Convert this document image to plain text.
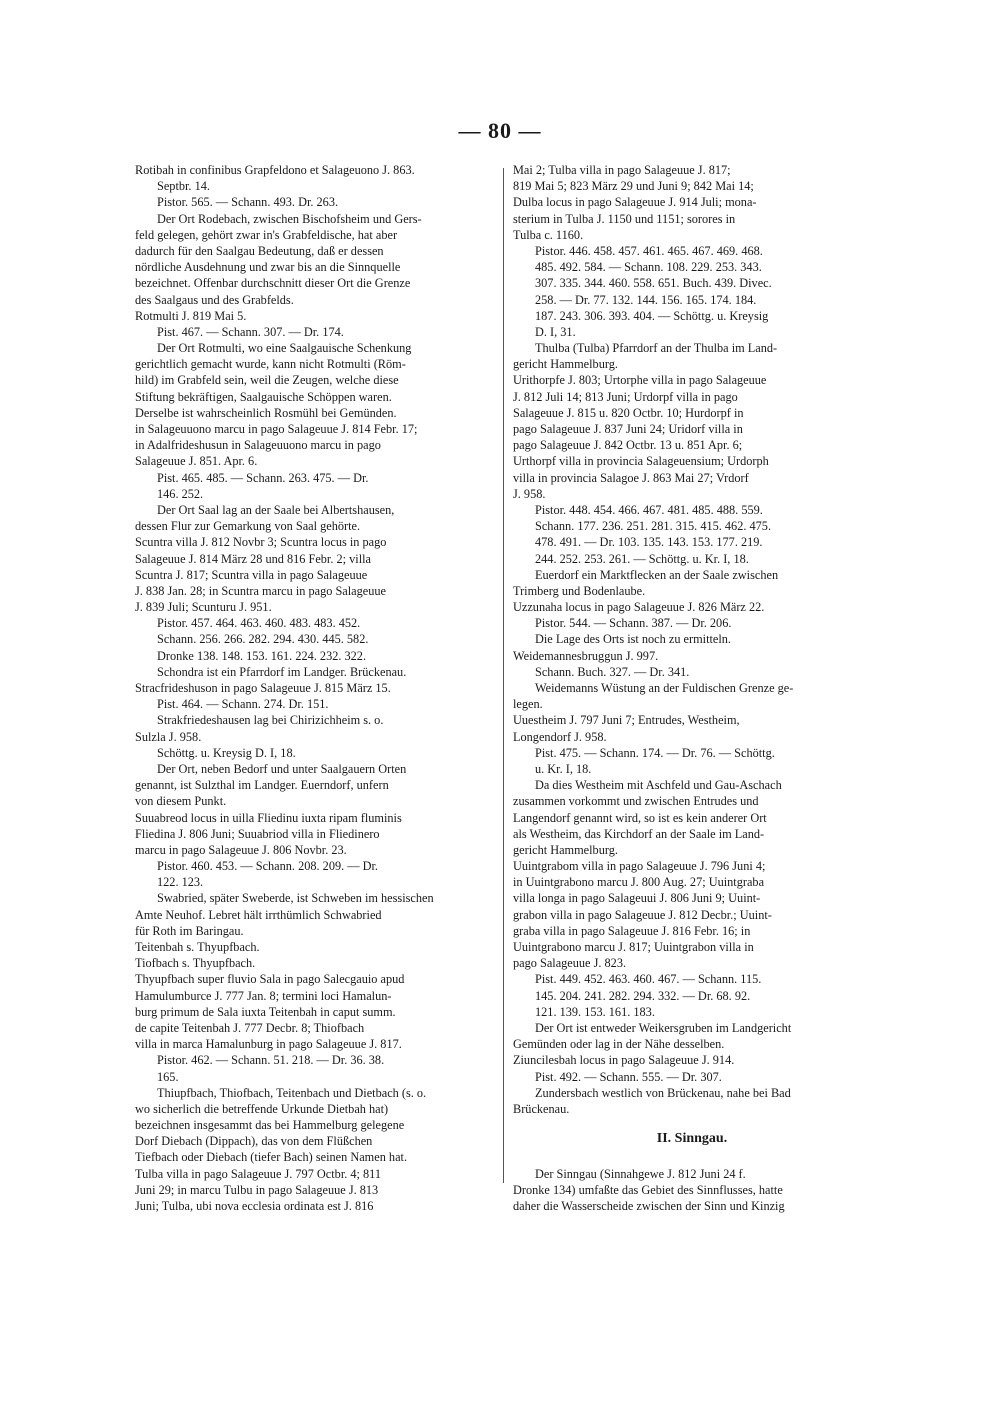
— 80 —
Rotibah in confinibus Grapfeldono et Salageuono J. 863.
Septbr. 14.
Pistor. 565. — Schann. 493. Dr. 263.
Der Ort Rodebach, zwischen Bischofsheim und Gers-
feld gelegen, gehört zwar in's Grabfeldische, hat aber
dadurch für den Saalgau Bedeutung, daß er dessen
nördliche Ausdehnung und zwar bis an die Sinnquelle
bezeichnet. Offenbar durchschnitt dieser Ort die Grenze
des Saalgaus und des Grabfelds.
Rotmulti J. 819 Mai 5.
Pist. 467. — Schann. 307. — Dr. 174.
Der Ort Rotmulti, wo eine Saalgauische Schenkung
gerichtlich gemacht wurde, kann nicht Rotmulti (Röm-
hild) im Grabfeld sein, weil die Zeugen, welche diese
Stiftung bekräftigen, Saalgauische Schöppen waren.
Derselbe ist wahrscheinlich Rosmühl bei Gemünden.
in Salageuuono marcu in pago Salageuue J. 814 Febr. 17;
in Adalfrideshusun in Salageuuono marcu in pago
Salageuue J. 851. Apr. 6.
Pist. 465. 485. — Schann. 263. 475. — Dr.
146. 252.
Der Ort Saal lag an der Saale bei Albertshausen,
dessen Flur zur Gemarkung von Saal gehörte.
Scuntra villa J. 812 Novbr 3; Scuntra locus in pago
Salageuue J. 814 März 28 und 816 Febr. 2; villa
Scuntra J. 817; Scuntra villa in pago Salageuue
J. 838 Jan. 28; in Scuntra marcu in pago Salageuue
J. 839 Juli; Scunturu J. 951.
Pistor. 457. 464. 463. 460. 483. 483. 452.
Schann. 256. 266. 282. 294. 430. 445. 582.
Dronke 138. 148. 153. 161. 224. 232. 322.
Schondra ist ein Pfarrdorf im Landger. Brückenau.
Stracfrideshuson in pago Salageuue J. 815 März 15.
Pist. 464. — Schann. 274. Dr. 151.
Strakfriedeshausen lag bei Chirizichheim s. o.
Sulzla J. 958.
Schöttg. u. Kreysig D. I, 18.
Der Ort, neben Bedorf und unter Saalgauern Orten
genannt, ist Sulzthal im Landger. Euerndorf, unfern
von diesem Punkt.
Suuabreod locus in uilla Fliedinu iuxta ripam fluminis
Fliedina J. 806 Juni; Suuabriod villa in Fliedinero
marcu in pago Salageuue J. 806 Novbr. 23.
Pistor. 460. 453. — Schann. 208. 209. — Dr.
122. 123.
Swabried, später Sweberde, ist Schweben im hessischen
Amte Neuhof. Lebret hält irrthümlich Schwabried
für Roth im Baringau.
Teitenbah s. Thyupfbach.
Tiofbach s. Thyupfbach.
Thyupfbach super fluvio Sala in pago Salecgauio apud
Hamulumburce J. 777 Jan. 8; termini loci Hamalun-
burg primum de Sala iuxta Teitenbah in caput summ.
de capite Teitenbah J. 777 Decbr. 8; Thiofbach
villa in marca Hamalunburg in pago Salageuue J. 817.
Pistor. 462. — Schann. 51. 218. — Dr. 36. 38.
165.
Thiupfbach, Thiofbach, Teitenbach und Dietbach (s. o.
wo sicherlich die betreffende Urkunde Dietbah hat)
bezeichnen insgesammt das bei Hammelburg gelegene
Dorf Diebach (Dippach), das von dem Flüßchen
Tiefbach oder Diebach (tiefer Bach) seinen Namen hat.
Tulba villa in pago Salageuue J. 797 Octbr. 4; 811
Juni 29; in marcu Tulbu in pago Salageuue J. 813
Juni; Tulba, ubi nova ecclesia ordinata est J. 816
Mai 2; Tulba villa in pago Salageuue J. 817;
819 Mai 5; 823 März 29 und Juni 9; 842 Mai 14;
Dulba locus in pago Salageuue J. 914 Juli; mona-
sterium in Tulba J. 1150 und 1151; sorores in
Tulba c. 1160.
Pistor. 446. 458. 457. 461. 465. 467. 469. 468.
485. 492. 584. — Schann. 108. 229. 253. 343.
307. 335. 344. 460. 558. 651. Buch. 439. Divec.
258. — Dr. 77. 132. 144. 156. 165. 174. 184.
187. 243. 306. 393. 404. — Schöttg. u. Kreysig
D. I, 31.
Thulba (Tulba) Pfarrdorf an der Thulba im Land-
gericht Hammelburg.
Urithorpfe J. 803; Urtorphe villa in pago Salageuue
J. 812 Juli 14; 813 Juni; Urdorpf villa in pago
Salageuue J. 815 u. 820 Octbr. 10; Hurdorpf in
pago Salageuue J. 837 Juni 24; Uridorf villa in
pago Salageuue J. 842 Octbr. 13 u. 851 Apr. 6;
Urthorpf villa in provincia Salageuensium; Urdorph
villa in provincia Salagoe J. 863 Mai 27; Vrdorf
J. 958.
Pistor. 448. 454. 466. 467. 481. 485. 488. 559.
Schann. 177. 236. 251. 281. 315. 415. 462. 475.
478. 491. — Dr. 103. 135. 143. 153. 177. 219.
244. 252. 253. 261. — Schöttg. u. Kr. I, 18.
Euerdorf ein Marktflecken an der Saale zwischen
Trimberg und Bodenlaube.
Uzzunaha locus in pago Salageuue J. 826 März 22.
Pistor. 544. — Schann. 387. — Dr. 206.
Die Lage des Orts ist noch zu ermitteln.
Weidemannesbruggun J. 997.
Schann. Buch. 327. — Dr. 341.
Weidemanns Wüstung an der Fuldischen Grenze ge-
legen.
Uuestheim J. 797 Juni 7; Entrudes, Westheim,
Longendorf J. 958.
Pist. 475. — Schann. 174. — Dr. 76. — Schöttg.
u. Kr. I, 18.
Da dies Westheim mit Aschfeld und Gau-Aschach
zusammen vorkommt und zwischen Entrudes und
Langendorf genannt wird, so ist es kein anderer Ort
als Westheim, das Kirchdorf an der Saale im Land-
gericht Hammelburg.
Uuintgrabom villa in pago Salageuue J. 796 Juni 4;
in Uuintgrabono marcu J. 800 Aug. 27; Uuintgraba
villa longa in pago Salageuui J. 806 Juni 9; Uuint-
grabon villa in pago Salageuue J. 812 Decbr.; Uuint-
graba villa in pago Salageuue J. 816 Febr. 16; in
Uuintgrabono marcu J. 817; Uuintgrabon villa in
pago Salageuue J. 823.
Pist. 449. 452. 463. 460. 467. — Schann. 115.
145. 204. 241. 282. 294. 332. — Dr. 68. 92.
121. 139. 153. 161. 183.
Der Ort ist entweder Weikersgruben im Landgericht
Gemünden oder lag in der Nähe desselben.
Ziuncilesbah locus in pago Salageuue J. 914.
Pist. 492. — Schann. 555. — Dr. 307.
Zundersbach westlich von Brückenau, nahe bei Bad
Brückenau.
II. Sinngau.
Der Sinngau (Sinnahgewe J. 812 Juni 24 f.
Dronke 134) umfaßte das Gebiet des Sinnflusses, hatte
daher die Wasserscheide zwischen der Sinn und Kinzig
